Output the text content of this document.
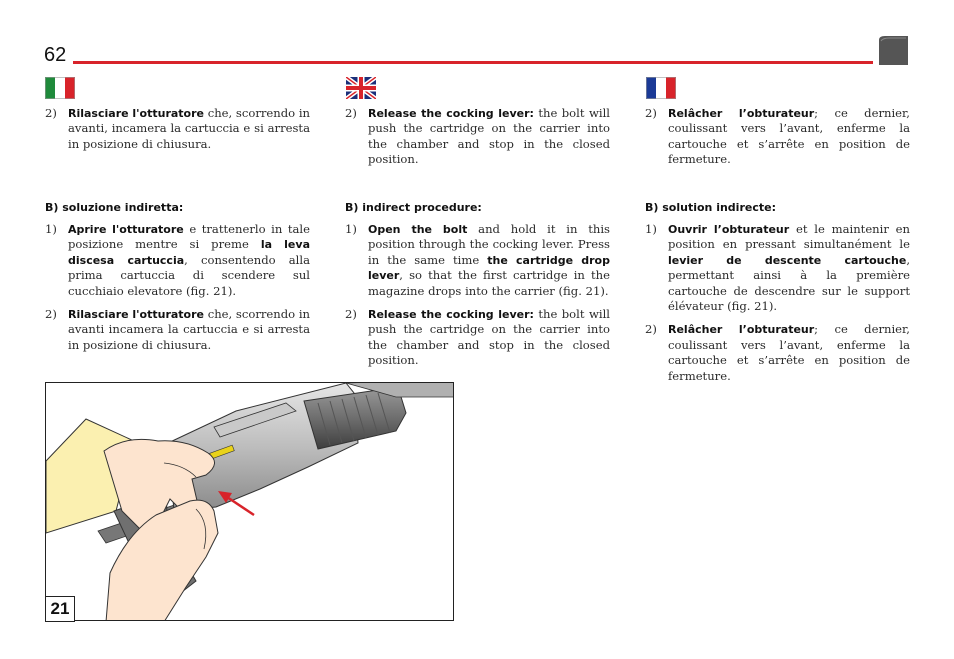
62
2) Rilasciare l'otturatore che, scorrendo in avanti, incamera la cartuccia e si arresta in posizione di chiusura.
B) soluzione indiretta:
1) Aprire l'otturatore e trattenerlo in tale posizione mentre si preme la leva discesa cartuccia, consentendo alla prima cartuccia di scendere sul cucchiaio elevatore (fig. 21).
2) Rilasciare l'otturatore che, scorrendo in avanti incamera la cartuccia e si arresta in posizione di chiusura.
2) Release the cocking lever: the bolt will push the cartridge on the carrier into the chamber and stop in the closed position.
B) indirect procedure:
1) Open the bolt and hold it in this position through the cocking lever. Press in the same time the cartridge drop lever, so that the first cartridge in the magazine drops into the carrier (fig. 21).
2) Release the cocking lever: the bolt will push the cartridge on the carrier into the chamber and stop in the closed position.
2) Relâcher l’obturateur; ce dernier, coulissant vers l’avant, enferme la cartouche et s’arrête en position de fermeture.
B) solution indirecte:
1) Ouvrir l’obturateur et le maintenir en position en pressant simultanément le levier de descente cartouche, permettant ainsi à la première cartouche de descendre sur le support élévateur (fig. 21).
2) Relâcher l’obturateur; ce dernier, coulissant vers l’avant, enferme la cartouche et s’arrête en position de fermeture.
21
